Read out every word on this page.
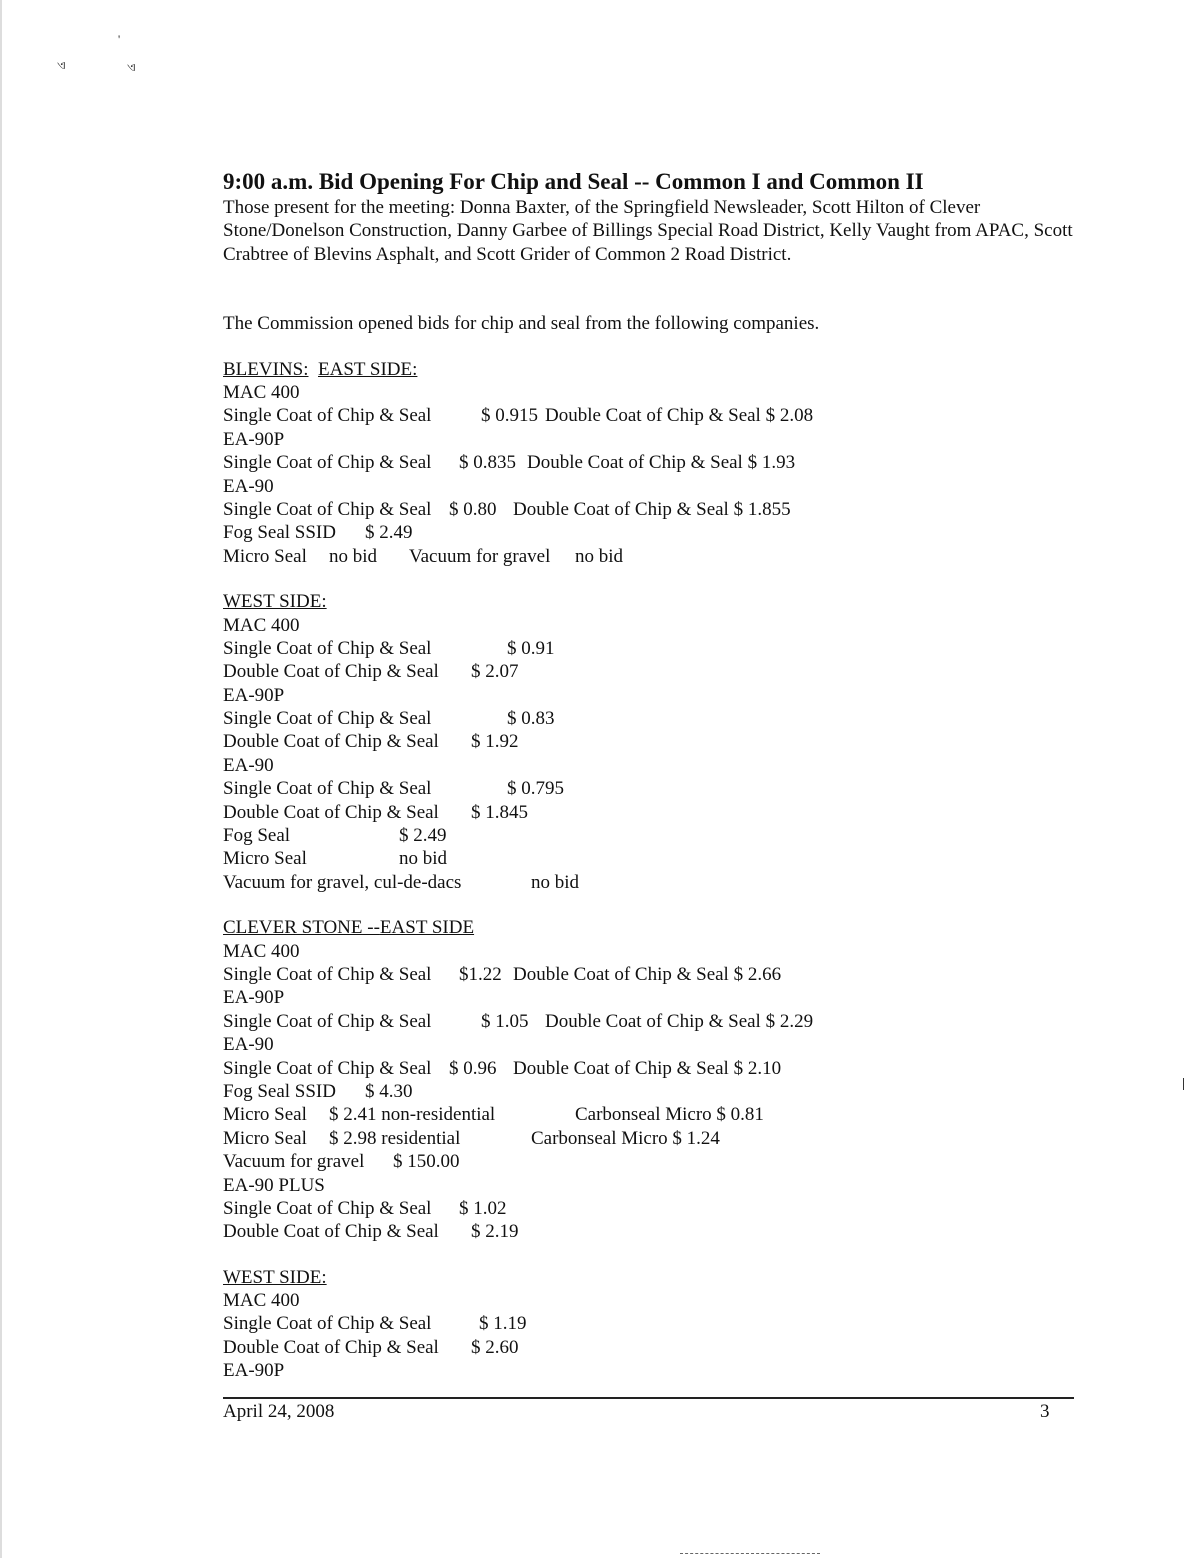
'
ଏ	ଏ
9:00 a.m. Bid Opening For Chip and Seal -- Common I and Common II

Those present for the meeting: Donna Baxter, of the Springfield Newsleader, Scott Hilton of Clever Stone/Donelson Construction, Danny Garbee of Billings Special Road District, Kelly Vaught from APAC, Scott Crabtree of Blevins Asphalt, and Scott Grider of Common 2 Road District.

The Commission opened bids for chip and seal from the following companies.

BLEVINS: EAST SIDE:
MAC 400
Single Coat of Chip & Seal	$ 0.915 Double Coat of Chip & Seal $ 2.08
EA-90P
Single Coat of Chip & Seal $ 0.835 Double Coat of Chip & Seal $ 1.93
EA-90
Single Coat of Chip & Seal $ 0.80 Double Coat of Chip & Seal $ 1.855
Fog Seal SSID $ 2.49
Micro Seal no bid Vacuum for gravel no bid
WEST SIDE:
MAC 400
Single Coat of Chip & Seal	$ 0.91
Double Coat of Chip & Seal $ 2.07
EA-90P
Single Coat of Chip & Seal	$ 0.83
Double Coat of Chip & Seal $ 1.92
EA-90
Single Coat of Chip & Seal	$ 0.795
Double Coat of Chip & Seal $ 1.845
Fog Seal	$ 2.49
Micro Seal	no bid
Vacuum for gravel, cul-de-dacs	no bid
CLEVER STONE --EAST SIDE
MAC 400
Single Coat of Chip & Seal $1.22 Double Coat of Chip & Seal $ 2.66
EA-90P
Single Coat of Chip & Seal	$ 1.05 Double Coat of Chip & Seal $ 2.29
EA-90
Single Coat of Chip & Seal $ 0.96 Double Coat of Chip & Seal $ 2.10
Fog Seal SSID $ 4.30
Micro Seal $ 2.41 non-residential	Carbonseal Micro $ 0.81
Micro Seal $ 2.98 residential	Carbonseal Micro $ 1.24
Vacuum for gravel $ 150.00
EA-90 PLUS
Single Coat of Chip & Seal $ 1.02
Double Coat of Chip & Seal $ 2.19
WEST SIDE:
MAC 400
Single Coat of Chip & Seal	$ 1.19
Double Coat of Chip & Seal $ 2.60
EA-90P
April 24, 2008	3
